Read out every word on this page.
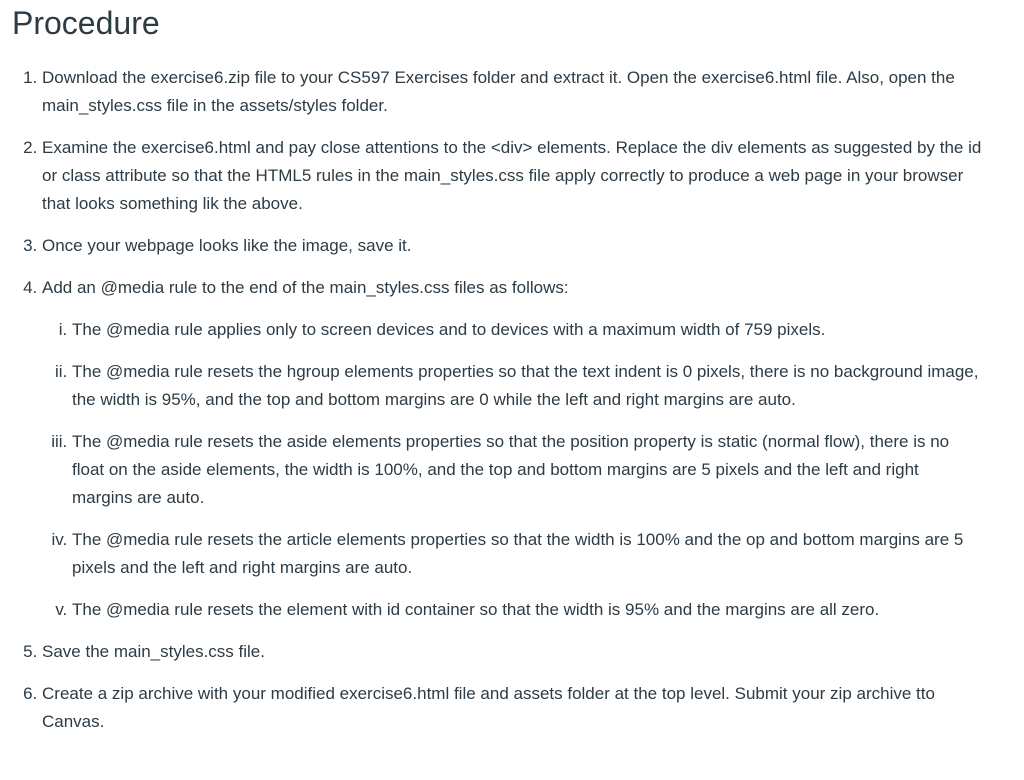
Procedure
1. Download the exercise6.zip file to your CS597 Exercises folder and extract it. Open the exercise6.html file. Also, open the main_styles.css file in the assets/styles folder.
2. Examine the exercise6.html and pay close attentions to the <div> elements. Replace the div elements as suggested by the id or class attribute so that the HTML5 rules in the main_styles.css file apply correctly to produce a web page in your browser that looks something lik the above.
3. Once your webpage looks like the image, save it.
4. Add an @media rule to the end of the main_styles.css files as follows:
i. The @media rule applies only to screen devices and to devices with a maximum width of 759 pixels.
ii. The @media rule resets the hgroup elements properties so that the text indent is 0 pixels, there is no background image, the width is 95%, and the top and bottom margins are 0 while the left and right margins are auto.
iii. The @media rule resets the aside elements properties so that the position property is static (normal flow), there is no float on the aside elements, the width is 100%, and the top and bottom margins are 5 pixels and the left and right margins are auto.
iv. The @media rule resets the article elements properties so that the width is 100% and the op and bottom margins are 5 pixels and the left and right margins are auto.
v. The @media rule resets the element with id container so that the width is 95% and the margins are all zero.
5. Save the main_styles.css file.
6. Create a zip archive with your modified exercise6.html file and assets folder at the top level. Submit your zip archive tto Canvas.
